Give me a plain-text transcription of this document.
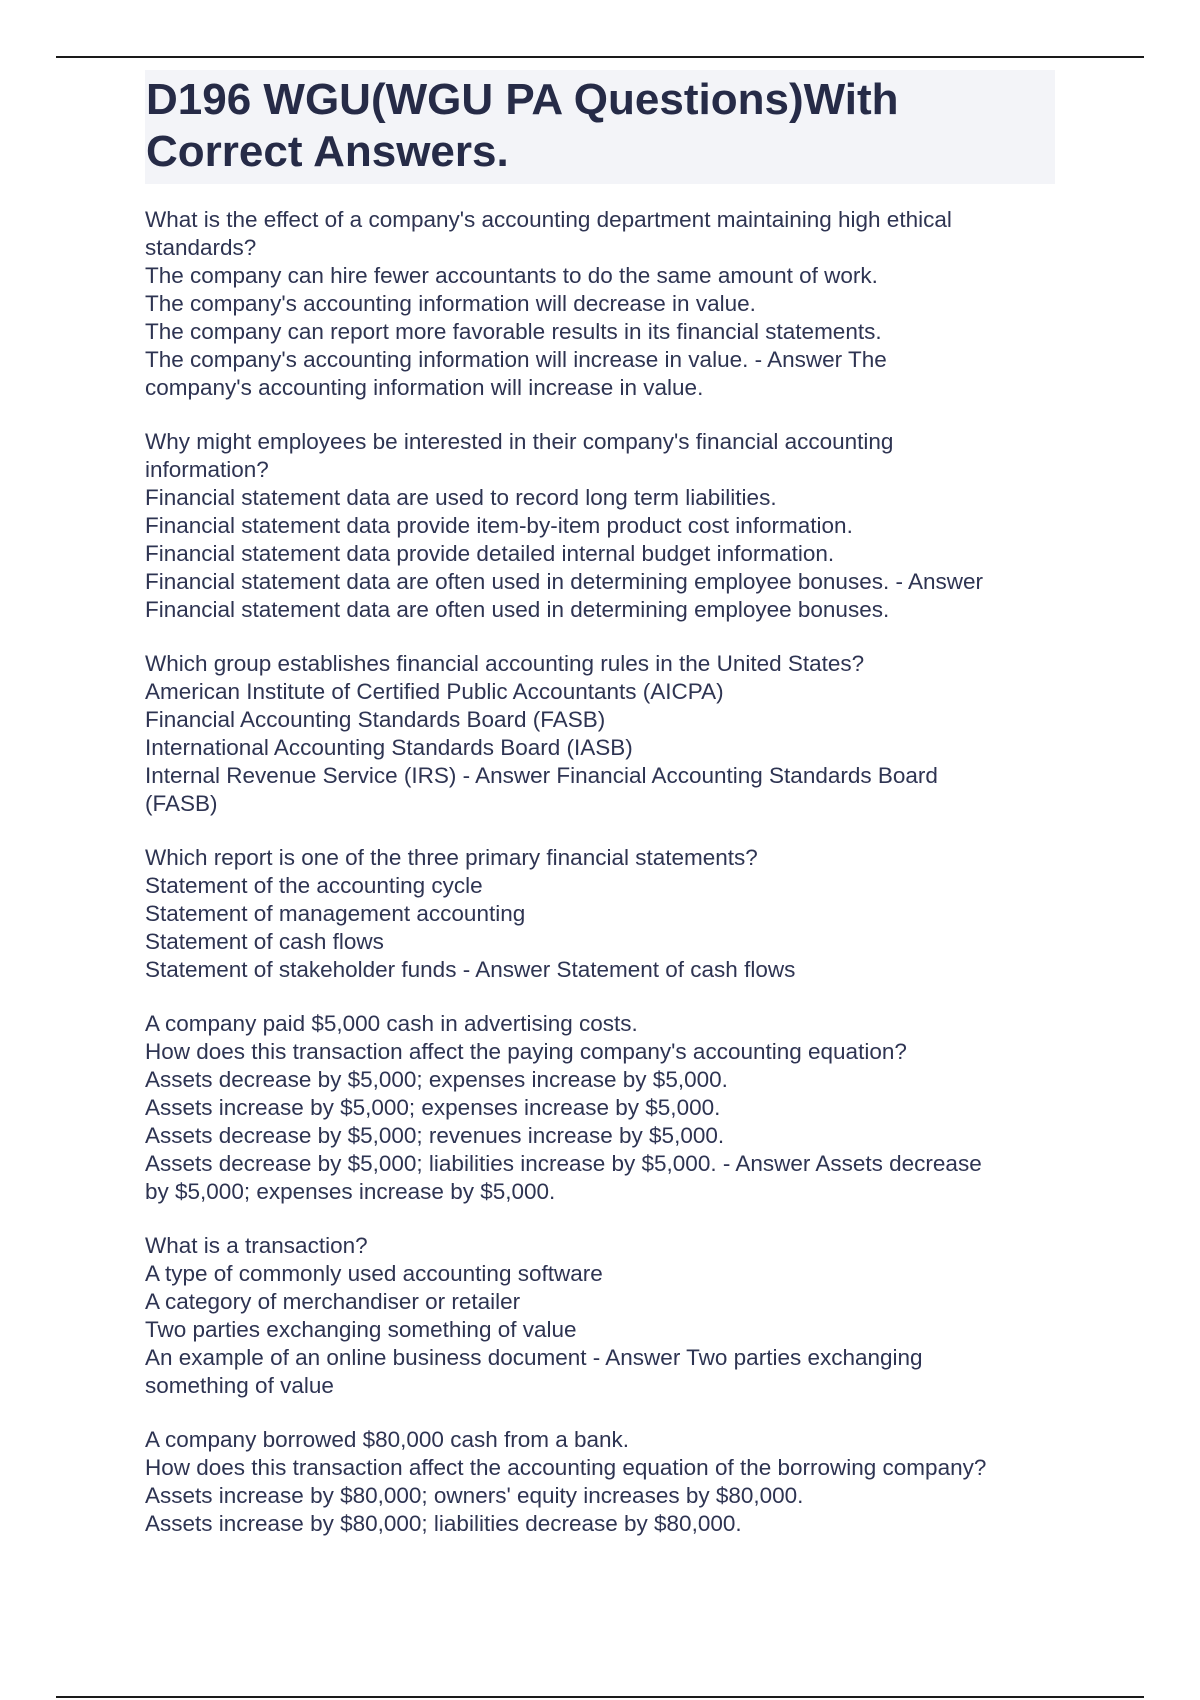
D196 WGU(WGU PA Questions)With
Correct Answers.
What is the effect of a company's accounting department maintaining high ethical
standards?
The company can hire fewer accountants to do the same amount of work.
The company's accounting information will decrease in value.
The company can report more favorable results in its financial statements.
The company's accounting information will increase in value. - Answer The
company's accounting information will increase in value.
Why might employees be interested in their company's financial accounting
information?
Financial statement data are used to record long term liabilities.
Financial statement data provide item-by-item product cost information.
Financial statement data provide detailed internal budget information.
Financial statement data are often used in determining employee bonuses. - Answer
Financial statement data are often used in determining employee bonuses.
Which group establishes financial accounting rules in the United States?
American Institute of Certified Public Accountants (AICPA)
Financial Accounting Standards Board (FASB)
International Accounting Standards Board (IASB)
Internal Revenue Service (IRS) - Answer Financial Accounting Standards Board
(FASB)
Which report is one of the three primary financial statements?
Statement of the accounting cycle
Statement of management accounting
Statement of cash flows
Statement of stakeholder funds - Answer Statement of cash flows
A company paid $5,000 cash in advertising costs.
How does this transaction affect the paying company's accounting equation?
Assets decrease by $5,000; expenses increase by $5,000.
Assets increase by $5,000; expenses increase by $5,000.
Assets decrease by $5,000; revenues increase by $5,000.
Assets decrease by $5,000; liabilities increase by $5,000. - Answer Assets decrease
by $5,000; expenses increase by $5,000.
What is a transaction?
A type of commonly used accounting software
A category of merchandiser or retailer
Two parties exchanging something of value
An example of an online business document - Answer Two parties exchanging
something of value
A company borrowed $80,000 cash from a bank.
How does this transaction affect the accounting equation of the borrowing company?
Assets increase by $80,000; owners' equity increases by $80,000.
Assets increase by $80,000; liabilities decrease by $80,000.
